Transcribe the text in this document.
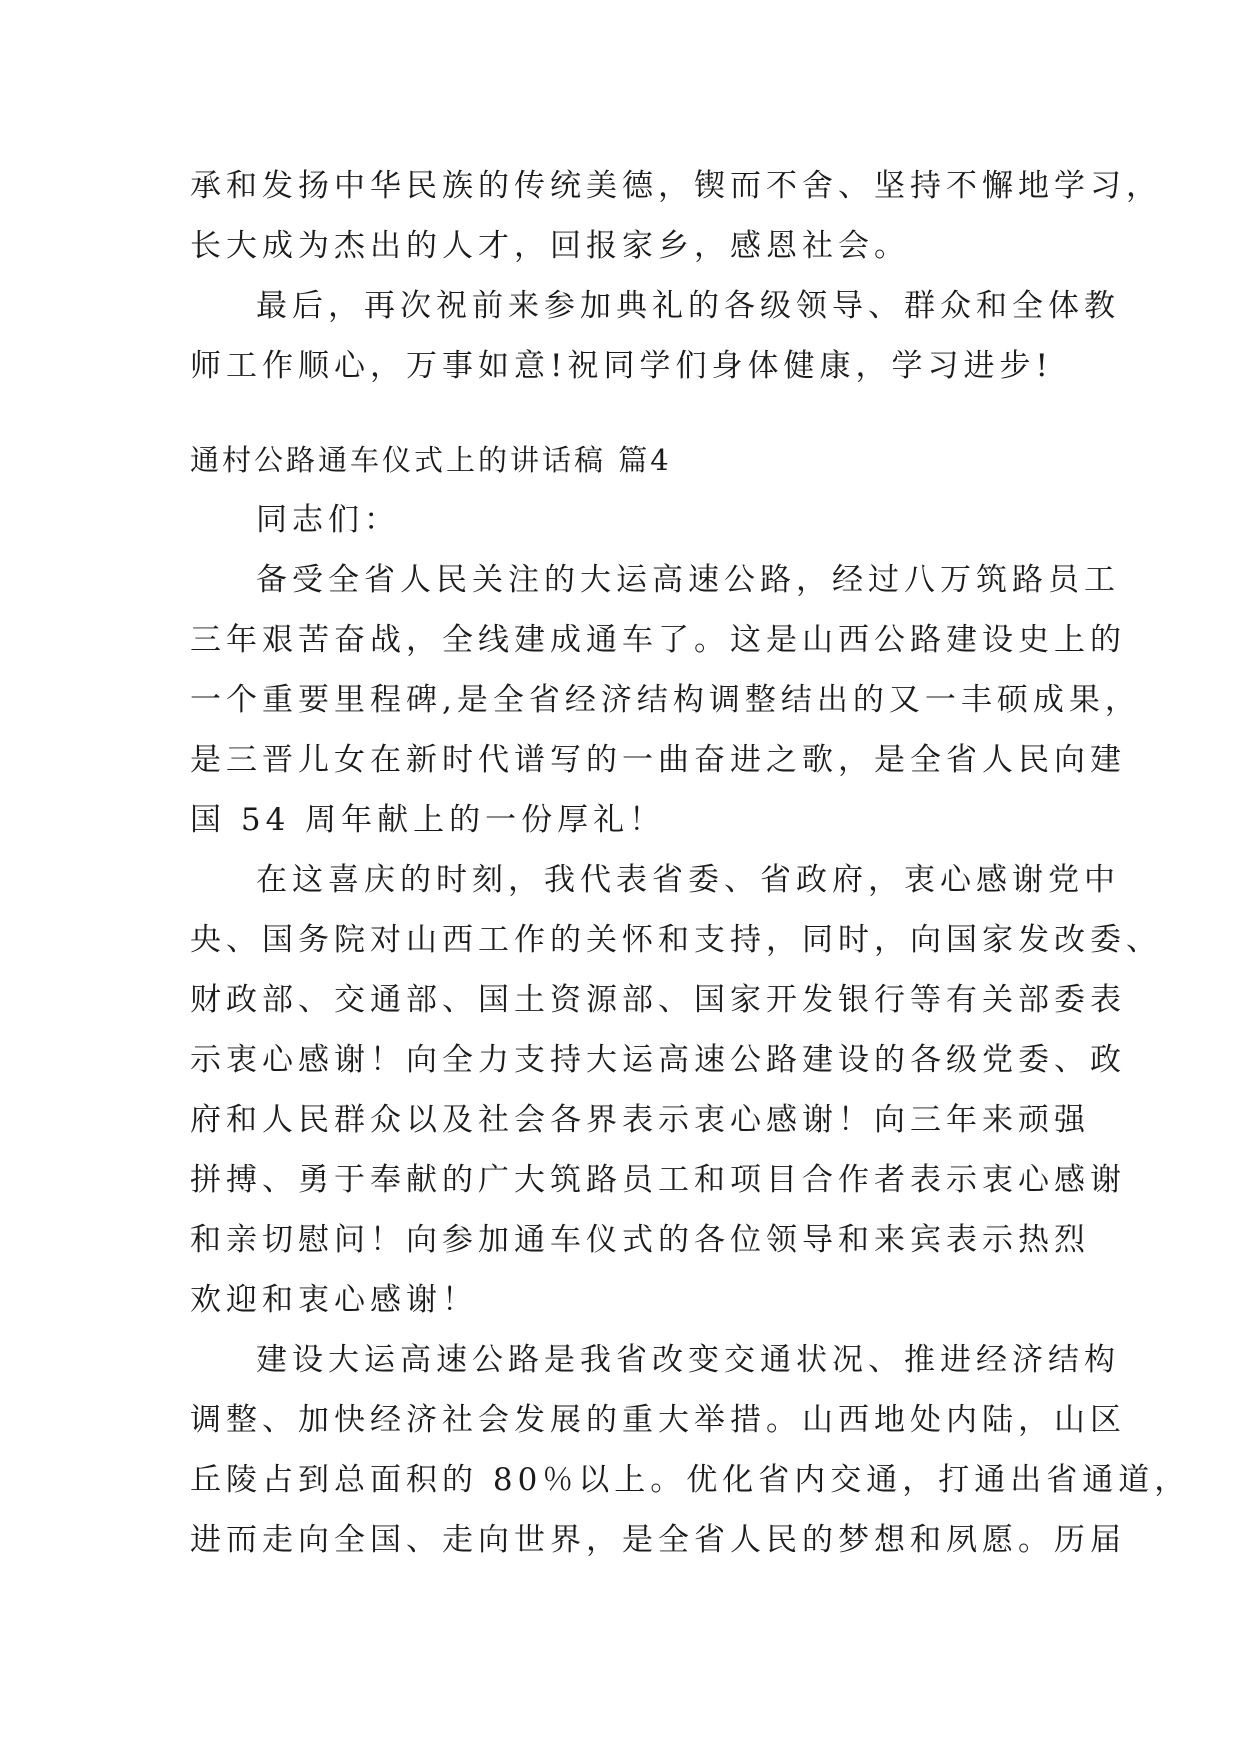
承和发扬中华民族的传统美德，锲而不舍、坚持不懈地学习，
长大成为杰出的人才，回报家乡，感恩社会。
最后，再次祝前来参加典礼的各级领导、群众和全体教
师工作顺心，万事如意!祝同学们身体健康，学习进步!
通村公路通车仪式上的讲话稿 篇4
同志们：
备受全省人民关注的大运高速公路，经过八万筑路员工
三年艰苦奋战，全线建成通车了。这是山西公路建设史上的
一个重要里程碑,是全省经济结构调整结出的又一丰硕成果，
是三晋儿女在新时代谱写的一曲奋进之歌，是全省人民向建
国 54 周年献上的一份厚礼！
在这喜庆的时刻，我代表省委、省政府，衷心感谢党中
央、国务院对山西工作的关怀和支持，同时，向国家发改委、
财政部、交通部、国土资源部、国家开发银行等有关部委表
示衷心感谢！向全力支持大运高速公路建设的各级党委、政
府和人民群众以及社会各界表示衷心感谢！向三年来顽强
拼搏、勇于奉献的广大筑路员工和项目合作者表示衷心感谢
和亲切慰问！向参加通车仪式的各位领导和来宾表示热烈
欢迎和衷心感谢！
建设大运高速公路是我省改变交通状况、推进经济结构
调整、加快经济社会发展的重大举措。山西地处内陆，山区
丘陵占到总面积的 80％以上。优化省内交通，打通出省通道，
进而走向全国、走向世界，是全省人民的梦想和夙愿。历届
